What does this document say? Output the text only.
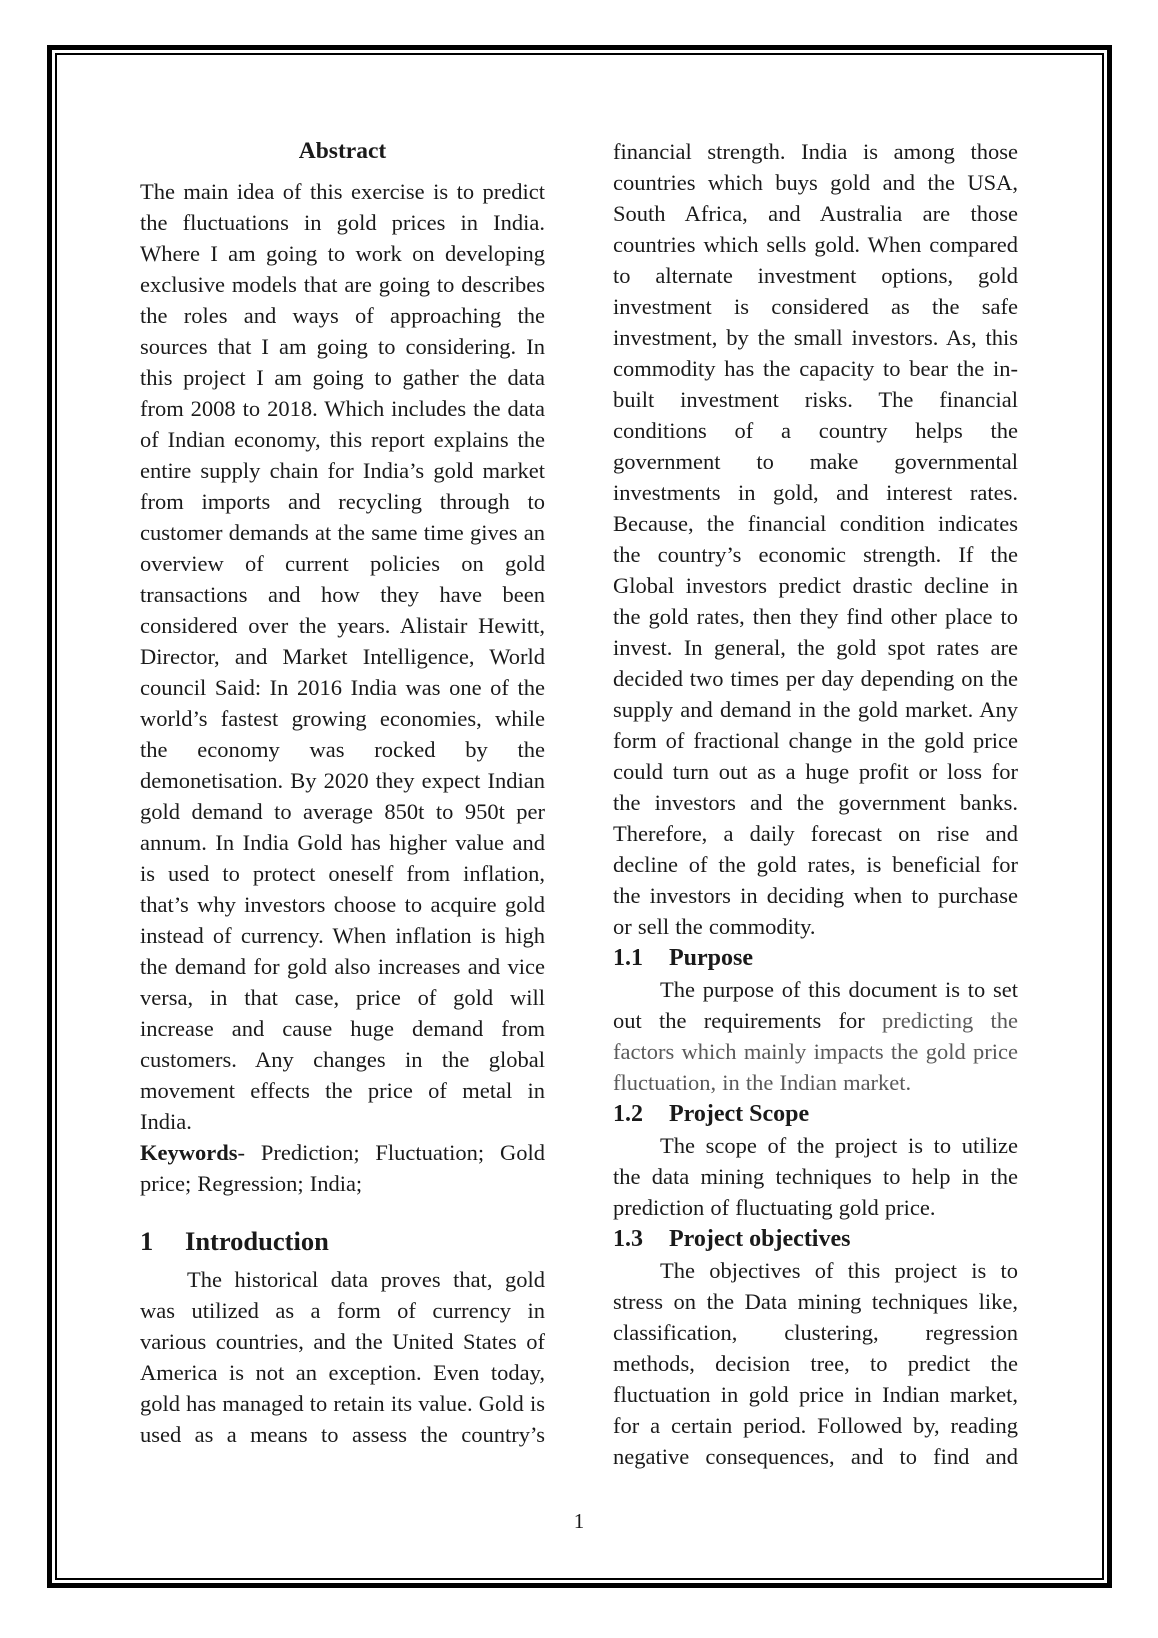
Abstract

The main idea of this exercise is to predict the fluctuations in gold prices in India. Where I am going to work on developing exclusive models that are going to describes the roles and ways of approaching the sources that I am going to considering. In this project I am going to gather the data from 2008 to 2018. Which includes the data of Indian economy, this report explains the entire supply chain for India’s gold market from imports and recycling through to customer demands at the same time gives an overview of current policies on gold transactions and how they have been considered over the years. Alistair Hewitt, Director, and Market Intelligence, World council Said: In 2016 India was one of the world’s fastest growing economies, while the economy was rocked by the demonetisation. By 2020 they expect Indian gold demand to average 850t to 950t per annum. In India Gold has higher value and is used to protect oneself from inflation, that’s why investors choose to acquire gold instead of currency. When inflation is high the demand for gold also increases and vice versa, in that case, price of gold will increase and cause huge demand from customers. Any changes in the global movement effects the price of metal in India.

Keywords- Prediction; Fluctuation; Gold price; Regression; India;

1 Introduction

The historical data proves that, gold was utilized as a form of currency in various countries, and the United States of America is not an exception. Even today, gold has managed to retain its value. Gold is used as a means to assess the country’s

financial strength. India is among those countries which buys gold and the USA, South Africa, and Australia are those countries which sells gold. When compared to alternate investment options, gold investment is considered as the safe investment, by the small investors. As, this commodity has the capacity to bear the in-built investment risks. The financial conditions of a country helps the government to make governmental investments in gold, and interest rates. Because, the financial condition indicates the country’s economic strength. If the Global investors predict drastic decline in the gold rates, then they find other place to invest. In general, the gold spot rates are decided two times per day depending on the supply and demand in the gold market. Any form of fractional change in the gold price could turn out as a huge profit or loss for the investors and the government banks. Therefore, a daily forecast on rise and decline of the gold rates, is beneficial for the investors in deciding when to purchase or sell the commodity.

1.1 Purpose

The purpose of this document is to set out the requirements for predicting the factors which mainly impacts the gold price fluctuation, in the Indian market.

1.2 Project Scope

The scope of the project is to utilize the data mining techniques to help in the prediction of fluctuating gold price.

1.3 Project objectives

The objectives of this project is to stress on the Data mining techniques like, classification, clustering, regression methods, decision tree, to predict the fluctuation in gold price in Indian market, for a certain period. Followed by, reading negative consequences, and to find and

1
